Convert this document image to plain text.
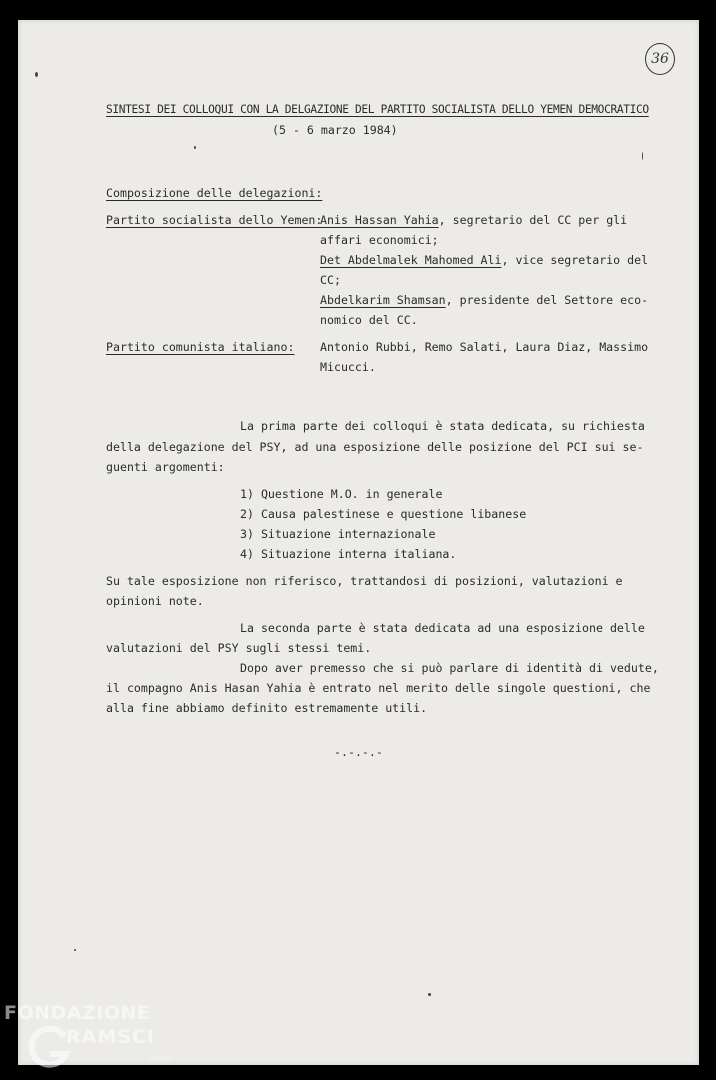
36
SINTESI DEI COLLOQUI CON LA DELGAZIONE DEL PARTITO SOCIALISTA DELLO YEMEN DEMOCRATICO
(5 - 6 marzo 1984)
Composizione delle delegazioni:
Partito socialista dello Yemen:
Anis Hassan Yahia, segretario del CC per gli
affari economici;
Det Abdelmalek Mahomed Ali, vice segretario del
CC;
Abdelkarim Shamsan, presidente del Settore eco-
nomico del CC.
Partito comunista italiano: Antonio Rubbi, Remo Salati, Laura Diaz, Massimo
Micucci.
La prima parte dei colloqui è stata dedicata, su richiesta
della delegazione del PSY, ad una esposizione delle posizione del PCI sui se-
guenti argomenti:
1) Questione M.O. in generale
2) Causa palestinese e questione libanese
3) Situazione internazionale
4) Situazione interna italiana.
Su tale esposizione non riferisco, trattandosi di posizioni, valutazioni e
opinioni note.
La seconda parte è stata dedicata ad una esposizione delle
valutazioni del PSY sugli stessi temi.
Dopo aver premesso che si può parlare di identità di vedute,
il compagno Anis Hasan Yahia è entrato nel merito delle singole questioni, che
alla fine abbiamo definito estremamente utili.
-.-.-.-
FONDAZIONE
RAMSCI
onlus
